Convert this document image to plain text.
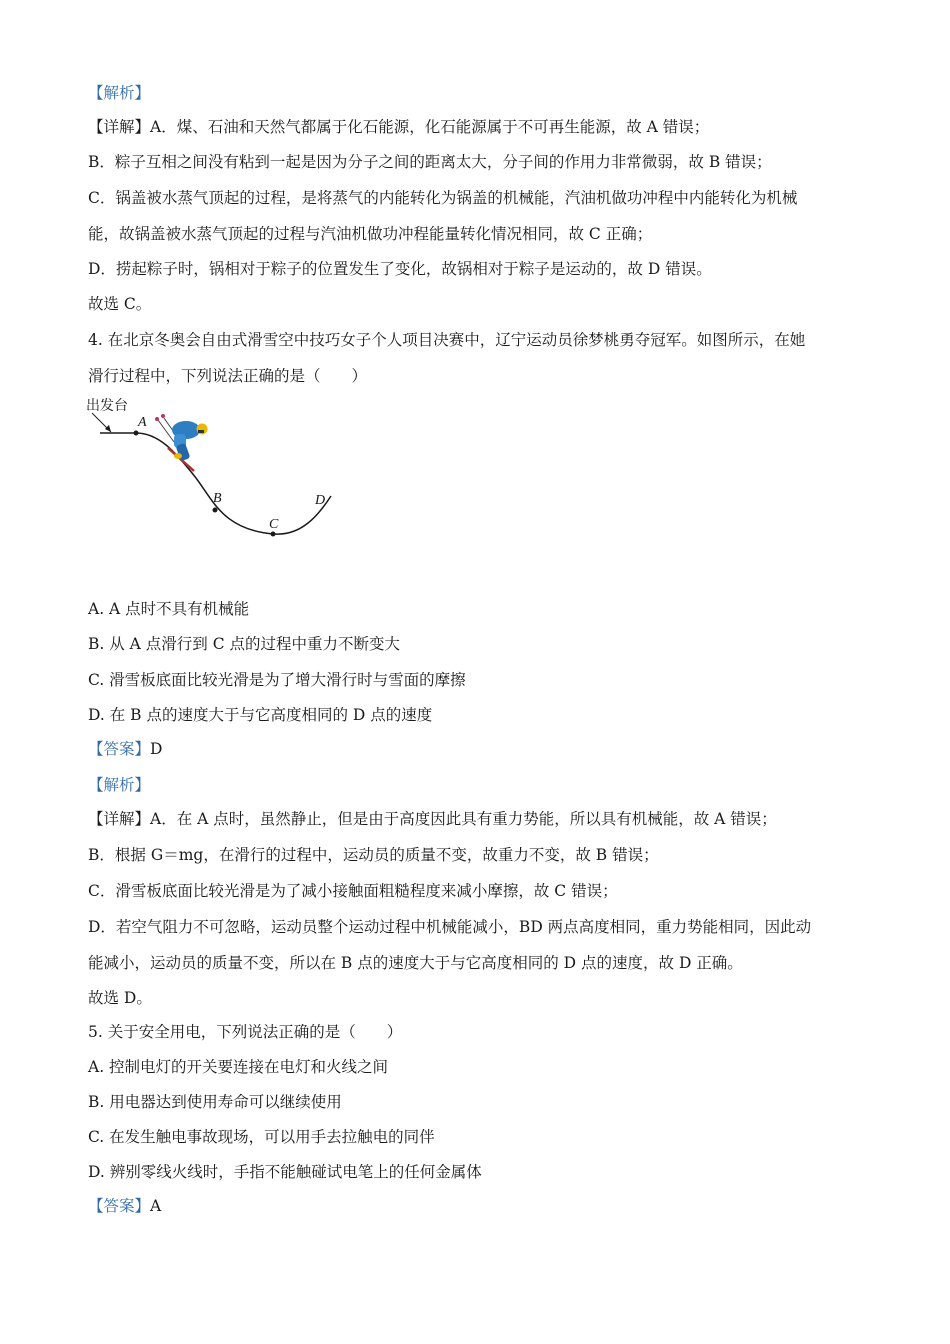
【解析】
【详解】A．煤、石油和天然气都属于化石能源，化石能源属于不可再生能源，故 A 错误；
B．粽子互相之间没有粘到一起是因为分子之间的距离太大，分子间的作用力非常微弱，故 B 错误；
C．锅盖被水蒸气顶起的过程，是将蒸气的内能转化为锅盖的机械能，汽油机做功冲程中内能转化为机械
能，故锅盖被水蒸气顶起的过程与汽油机做功冲程能量转化情况相同，故 C 正确；
D．捞起粽子时，锅相对于粽子的位置发生了变化，故锅相对于粽子是运动的，故 D 错误。
故选 C。
4. 在北京冬奥会自由式滑雪空中技巧女子个人项目决赛中，辽宁运动员徐梦桃勇夺冠军。如图所示，在她
滑行过程中，下列说法正确的是（　　）
出发台
A
B
C
D
A. A 点时不具有机械能
B. 从 A 点滑行到 C 点的过程中重力不断变大
C. 滑雪板底面比较光滑是为了增大滑行时与雪面的摩擦
D. 在 B 点的速度大于与它高度相同的 D 点的速度
【答案】D
【解析】
【详解】A．在 A 点时，虽然静止，但是由于高度因此具有重力势能，所以具有机械能，故 A 错误；
B．根据 G＝mg，在滑行的过程中，运动员的质量不变，故重力不变，故 B 错误；
C．滑雪板底面比较光滑是为了减小接触面粗糙程度来减小摩擦，故 C 错误；
D．若空气阻力不可忽略，运动员整个运动过程中机械能减小，BD 两点高度相同，重力势能相同，因此动
能减小，运动员的质量不变，所以在 B 点的速度大于与它高度相同的 D 点的速度，故 D 正确。
故选 D。
5. 关于安全用电，下列说法正确的是（　　）
A. 控制电灯的开关要连接在电灯和火线之间
B. 用电器达到使用寿命可以继续使用
C. 在发生触电事故现场，可以用手去拉触电的同伴
D. 辨别零线火线时，手指不能触碰试电笔上的任何金属体
【答案】A
